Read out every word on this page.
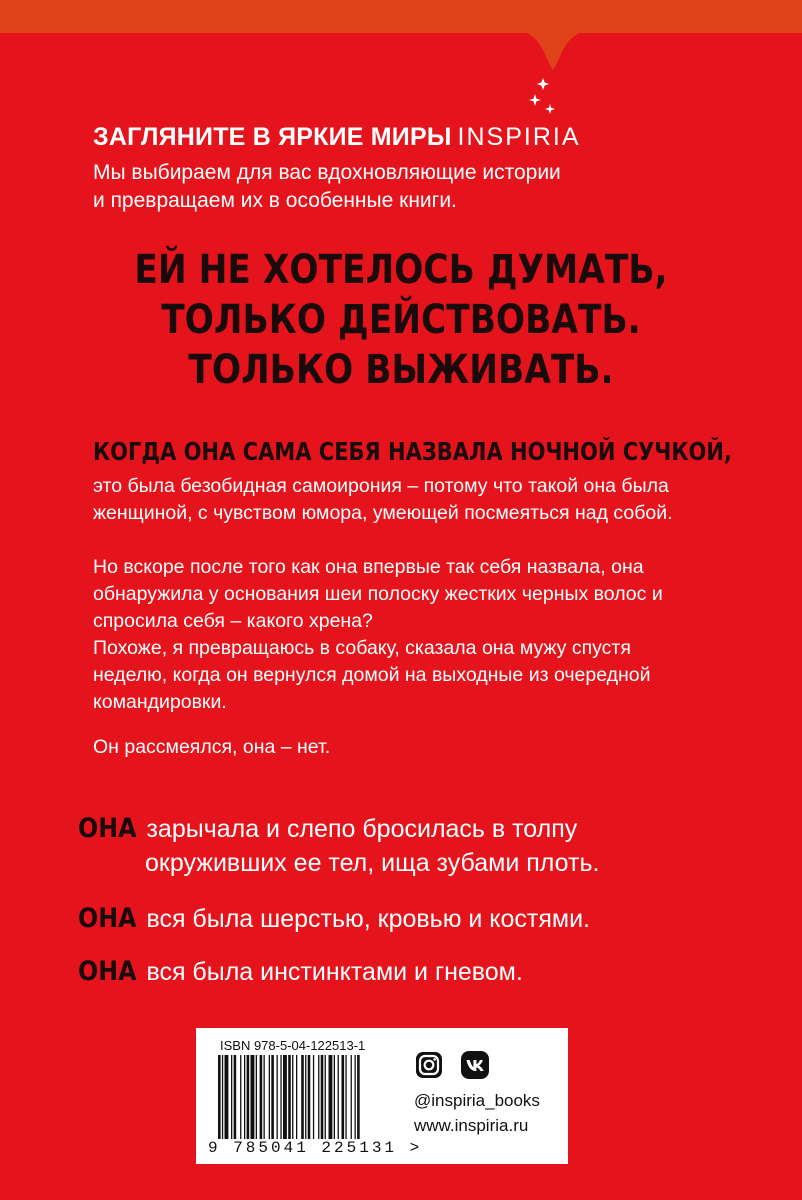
ЗАГЛЯНИТЕ В ЯРКИЕ МИРЫ INSPIRIA
Мы выбираем для вас вдохновляющие истории
и превращаем их в особенные книги.
ЕЙ НЕ ХОТЕЛОСЬ ДУМАТЬ,
ТОЛЬКО ДЕЙСТВОВАТЬ.
ТОЛЬКО ВЫЖИВАТЬ.
КОГДА ОНА САМА СЕБЯ НАЗВАЛА НОЧНОЙ СУЧКОЙ,
это была безобидная самоирония – потому что такой она была
женщиной, с чувством юмора, умеющей посмеяться над собой.
Но вскоре после того как она впервые так себя назвала, она
обнаружила у основания шеи полоску жестких черных волос и
спросила себя – какого хрена?
Похоже, я превращаюсь в собаку, сказала она мужу спустя
неделю, когда он вернулся домой на выходные из очередной
командировки.
Он рассмеялся, она – нет.
ОНА зарычала и слепо бросилась в толпу
окруживших ее тел, ища зубами плоть.
ОНА вся была шерстью, кровью и костями.
ОНА вся была инстинктами и гневом.
ISBN 978-5-04-122513-1
9 785041 225131 >
@inspiria_books
www.inspiria.ru
